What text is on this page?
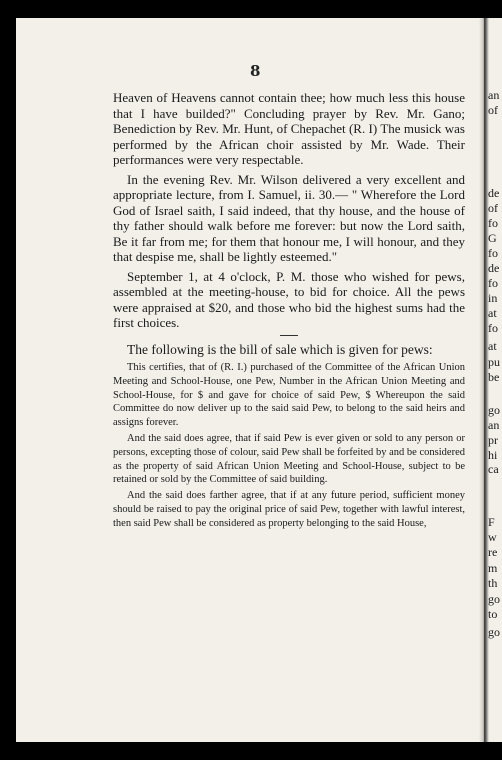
8

Heaven of Heavens cannot contain thee; how much less this house that I have builded?" Concluding prayer by Rev. Mr. Gano; Benediction by Rev. Mr. Hunt, of Chepachet (R. I) The musick was performed by the African choir assisted by Mr. Wade. Their performances were very respectable.

In the evening Rev. Mr. Wilson delivered a very excellent and appropriate lecture, from I. Samuel, ii. 30.— " Wherefore the Lord God of Israel saith, I said indeed, that thy house, and the house of thy father should walk before me forever: but now the Lord saith, Be it far from me; for them that honour me, I will honour, and they that despise me, shall be lightly esteemed."

September 1, at 4 o'clock, P. M. those who wished for pews, assembled at the meeting-house, to bid for choice. All the pews were appraised at $20, and those who bid the highest sums had the first choices.

The following is the bill of sale which is given for pews:

This certifies, that of (R. I.) purchased of the Committee of the African Union Meeting and School-House, one Pew, Number in the African Union Meeting and School-House, for $ and gave for choice of said Pew, $ Whereupon the said Committee do now deliver up to the said said Pew, to belong to the said heirs and assigns forever.

And the said does agree, that if said Pew is ever given or sold to any person or persons, excepting those of colour, said Pew shall be forfeited by and be considered as the property of said African Union Meeting and School-House, subject to be retained or sold by the Committee of said building.

And the said does farther agree, that if at any future period, sufficient money should be raised to pay the original price of said Pew, together with lawful interest, then said Pew shall be considered as property belonging to the said House,

an
of
de
of
fo
G
fo
de
fo
in
at
fo
at
pu
be
go
an
pr
hi
ca
F
w
re
m
th
go
to
go
